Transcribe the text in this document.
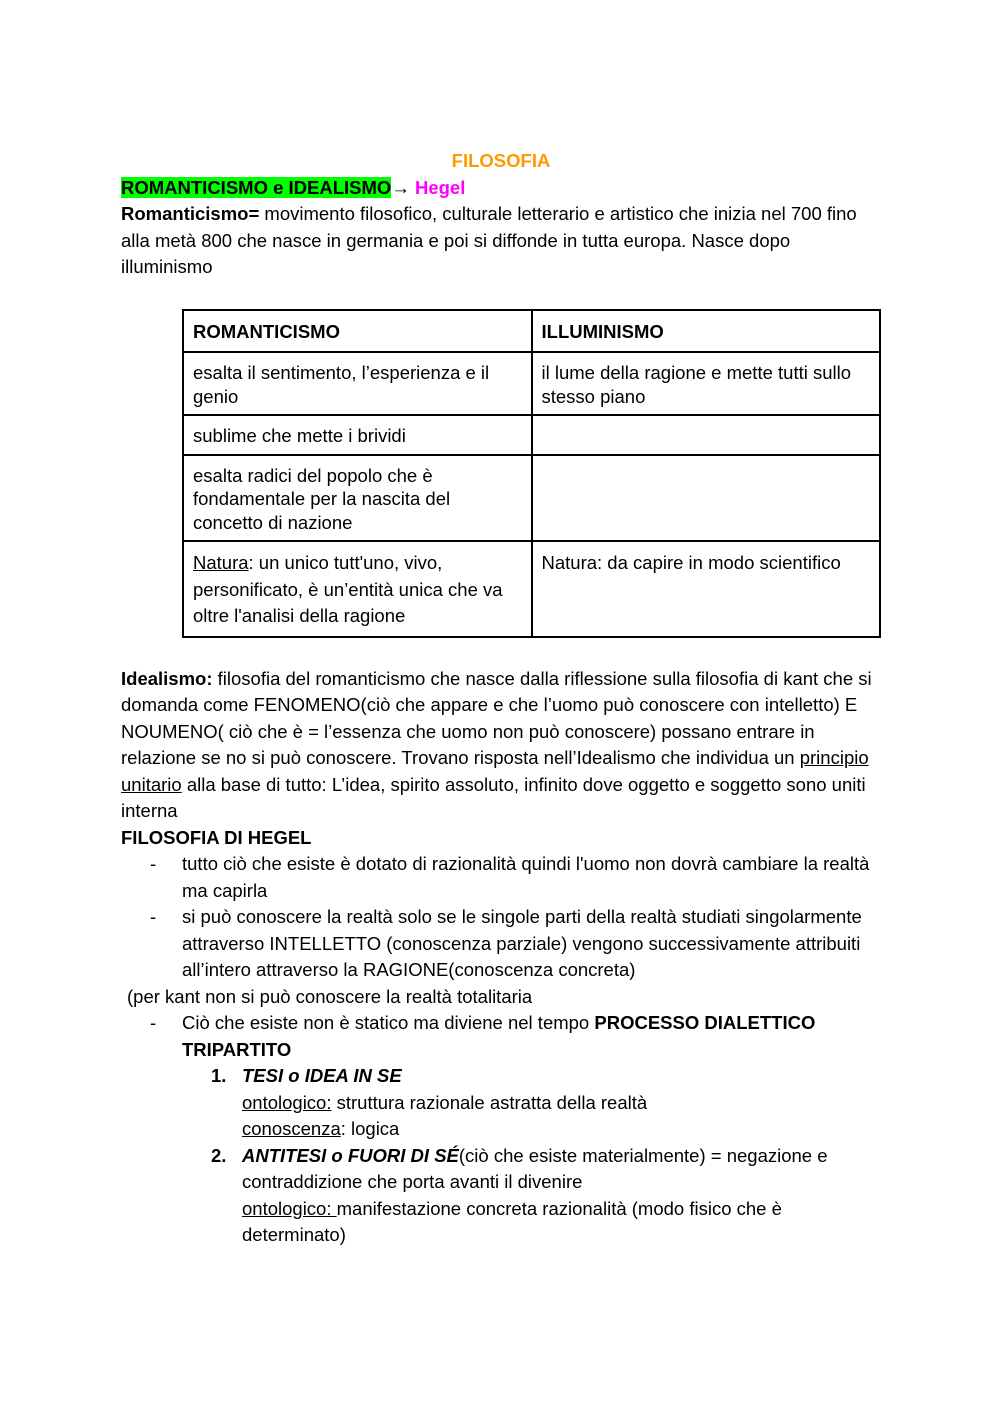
FILOSOFIA

ROMANTICISMO e IDEALISMO→ Hegel

Romanticismo= movimento filosofico, culturale letterario e artistico che inizia nel 700 fino alla metà 800 che nasce in germania e poi si diffonde in tutta europa. Nasce dopo illuminismo

ROMANTICISMO	ILLUMINISMO
esalta il sentimento, l’esperienza e il genio	il lume della ragione e mette tutti sullo stesso piano
sublime che mette i brividi	
esalta radici del popolo che è fondamentale per la nascita del concetto di nazione	
Natura: un unico tutt'uno, vivo, personificato, è un’entità unica che va oltre l'analisi della ragione	Natura: da capire in modo scientifico

Idealismo: filosofia del romanticismo che nasce dalla riflessione sulla filosofia di kant che si domanda come FENOMENO(ciò che appare e che l’uomo può conoscere con intelletto) E NOUMENO( ciò che è = l’essenza che uomo non può conoscere) possano entrare in relazione se no si può conoscere. Trovano risposta nell’Idealismo che individua un principio unitario alla base di tutto: L’idea, spirito assoluto, infinito dove oggetto e soggetto sono uniti interna

FILOSOFIA DI HEGEL

- tutto ciò che esiste è dotato di razionalità quindi l'uomo non dovrà cambiare la realtà ma capirla

- si può conoscere la realtà solo se le singole parti della realtà studiati singolarmente attraverso INTELLETTO (conoscenza parziale) vengono successivamente attribuiti all’intero attraverso la RAGIONE(conoscenza concreta)

(per kant non si può conoscere la realtà totalitaria

- Ciò che esiste non è statico ma diviene nel tempo PROCESSO DIALETTICO TRIPARTITO

1. TESI o IDEA IN SE

ontologico: struttura razionale astratta della realtà

conoscenza: logica

2. ANTITESI o FUORI DI SÉ(ciò che esiste materialmente) = negazione e contraddizione che porta avanti il divenire

ontologico: manifestazione concreta razionalità (modo fisico che è determinato)
